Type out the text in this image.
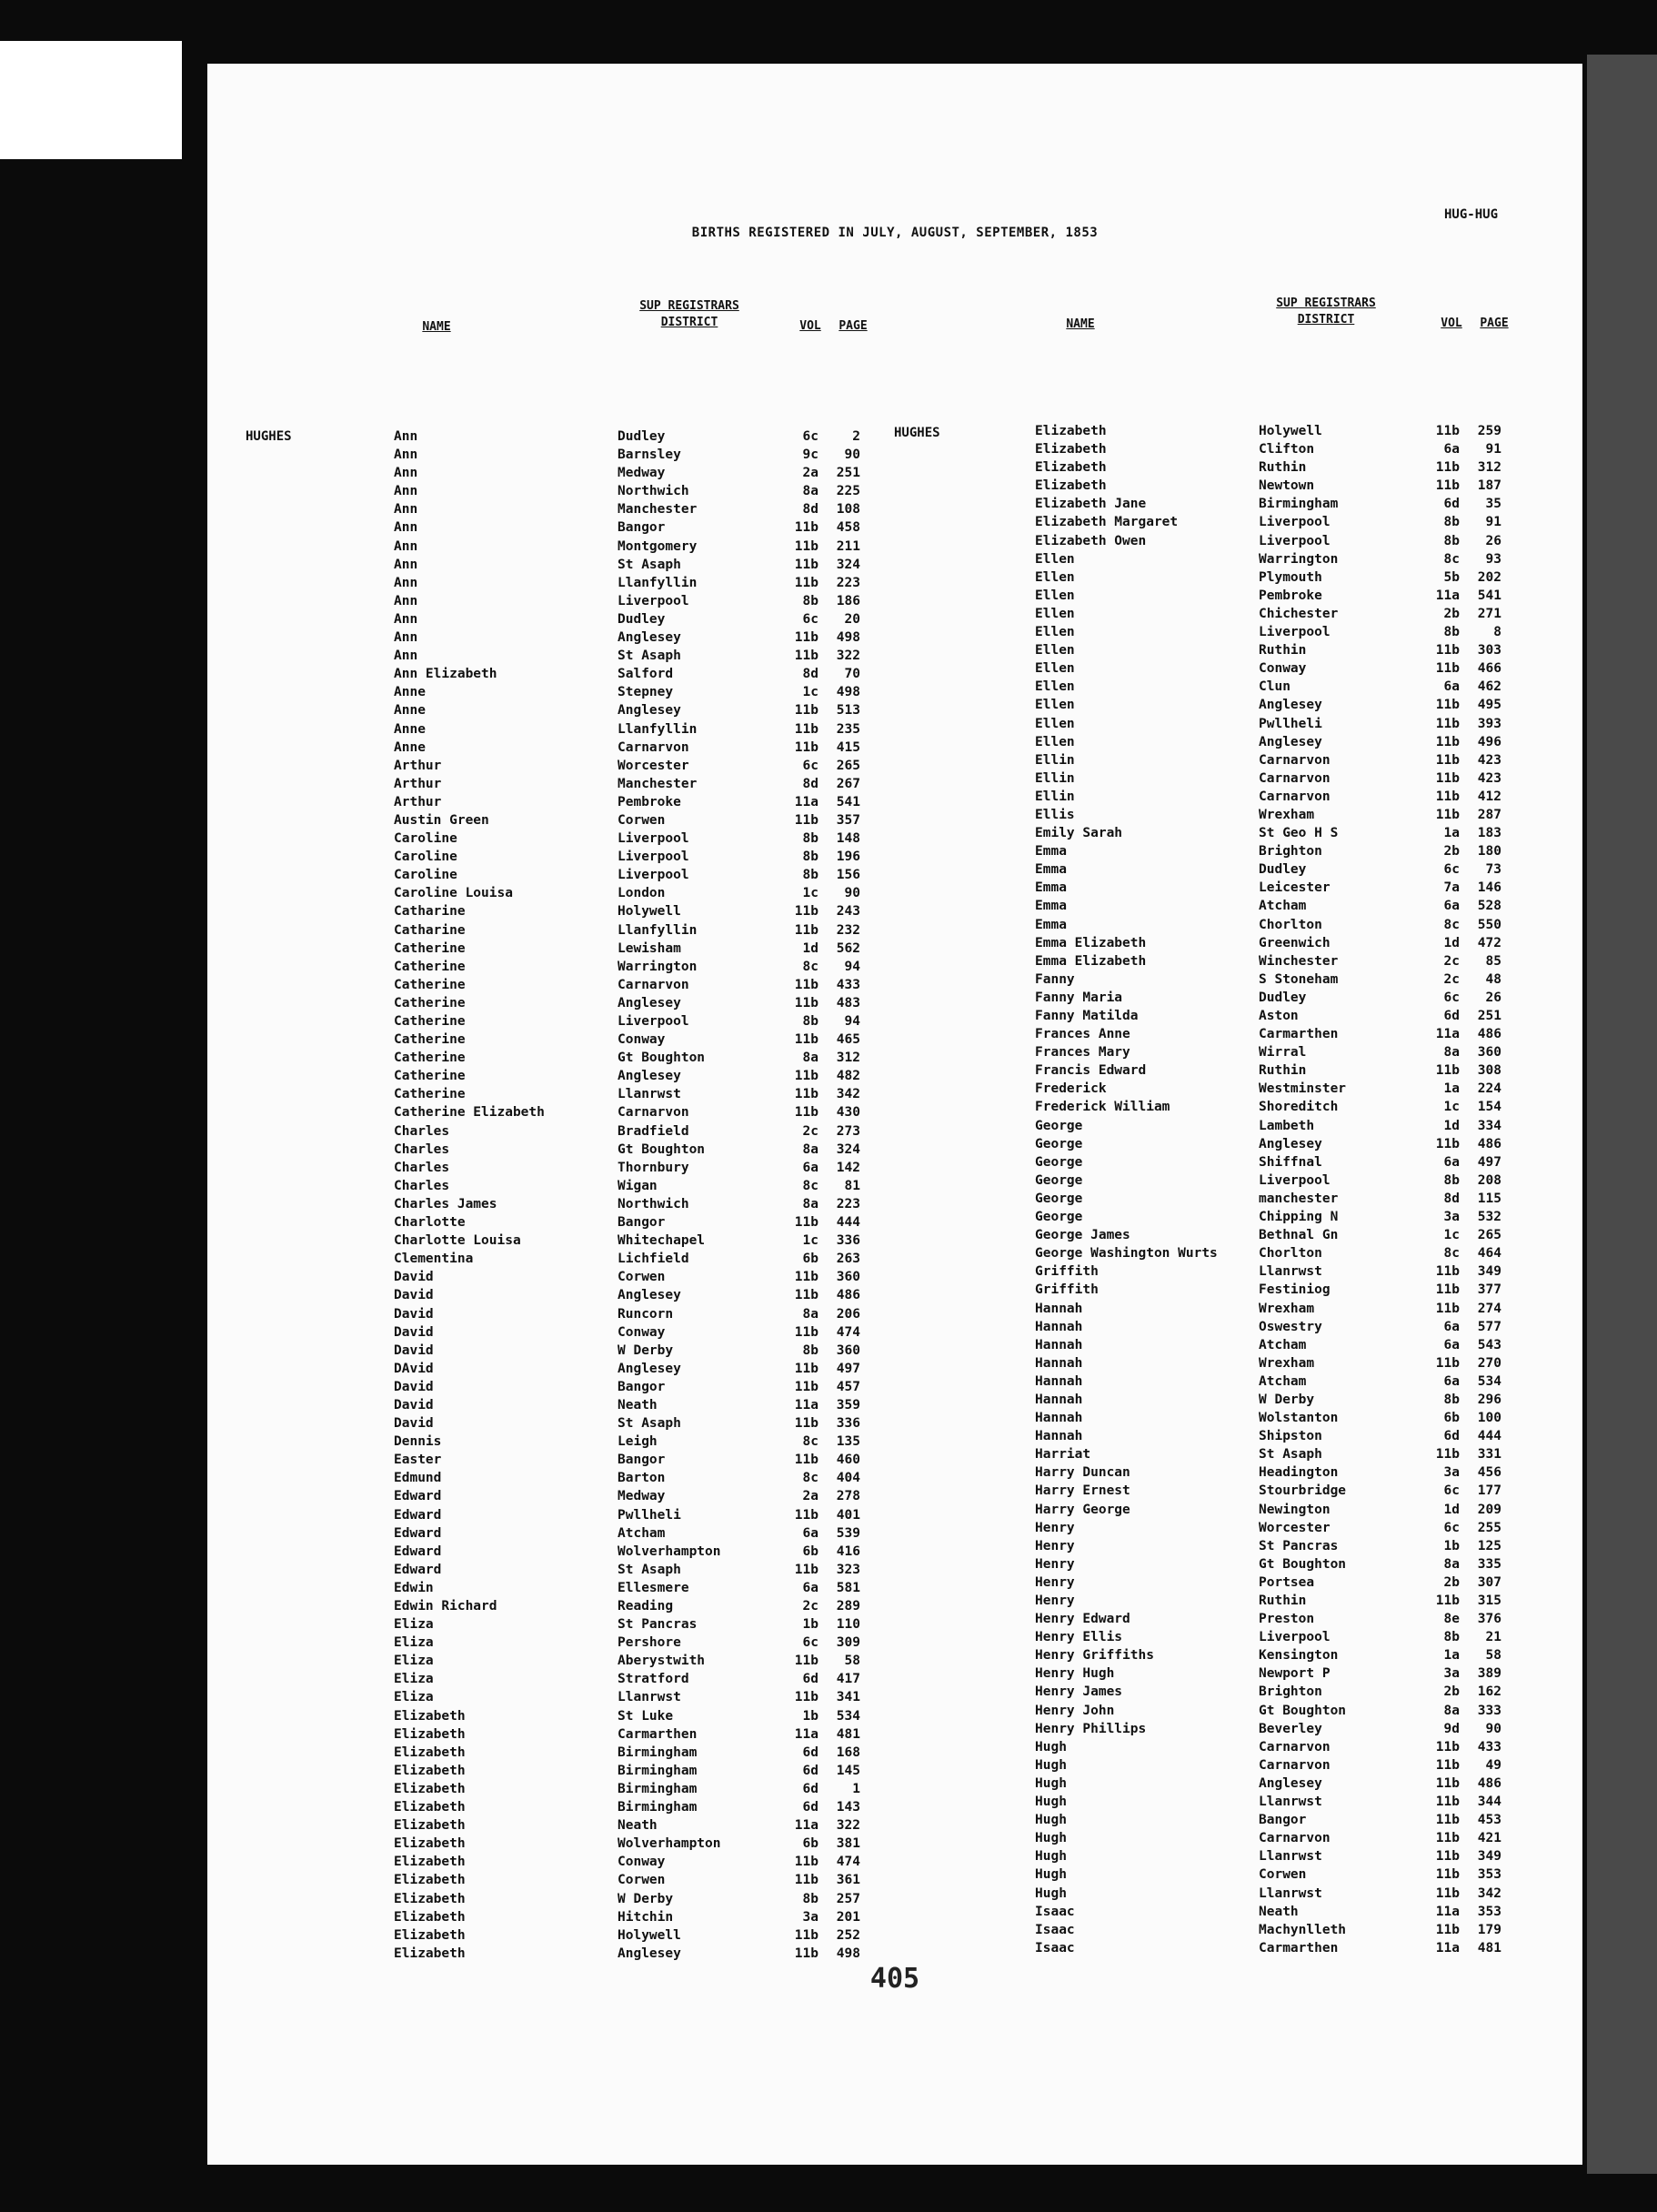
HUG-HUG
BIRTHS REGISTERED IN JULY, AUGUST, SEPTEMBER, 1853
NAME
SUP REGISTRARS
DISTRICT	VOL	PAGE	NAME
SUP REGISTRARS
DISTRICT	VOL	PAGE
HUGHES	HUGHES
Ann	Dudley	6c	2
Ann	Barnsley	9c	90
Ann	Medway	2a	251
Ann	Northwich	8a	225
Ann	Manchester	8d	108
Ann	Bangor	11b	458
Ann	Montgomery	11b	211
Ann	St Asaph	11b	324
Ann	Llanfyllin	11b	223
Ann	Liverpool	8b	186
Ann	Dudley	6c	20
Ann	Anglesey	11b	498
Ann	St Asaph	11b	322
Ann Elizabeth	Salford	8d	70
Anne	Stepney	1c	498
Anne	Anglesey	11b	513
Anne	Llanfyllin	11b	235
Anne	Carnarvon	11b	415
Arthur	Worcester	6c	265
Arthur	Manchester	8d	267
Arthur	Pembroke	11a	541
Austin Green	Corwen	11b	357
Caroline	Liverpool	8b	148
Caroline	Liverpool	8b	196
Caroline	Liverpool	8b	156
Caroline Louisa	London	1c	90
Catharine	Holywell	11b	243
Catharine	Llanfyllin	11b	232
Catherine	Lewisham	1d	562
Catherine	Warrington	8c	94
Catherine	Carnarvon	11b	433
Catherine	Anglesey	11b	483
Catherine	Liverpool	8b	94
Catherine	Conway	11b	465
Catherine	Gt Boughton	8a	312
Catherine	Anglesey	11b	482
Catherine	Llanrwst	11b	342
Catherine Elizabeth	Carnarvon	11b	430
Charles	Bradfield	2c	273
Charles	Gt Boughton	8a	324
Charles	Thornbury	6a	142
Charles	Wigan	8c	81
Charles James	Northwich	8a	223
Charlotte	Bangor	11b	444
Charlotte Louisa	Whitechapel	1c	336
Clementina	Lichfield	6b	263
David	Corwen	11b	360
David	Anglesey	11b	486
David	Runcorn	8a	206
David	Conway	11b	474
David	W Derby	8b	360
DAvid	Anglesey	11b	497
David	Bangor	11b	457
David	Neath	11a	359
David	St Asaph	11b	336
Dennis	Leigh	8c	135
Easter	Bangor	11b	460
Edmund	Barton	8c	404
Edward	Medway	2a	278
Edward	Pwllheli	11b	401
Edward	Atcham	6a	539
Edward	Wolverhampton	6b	416
Edward	St Asaph	11b	323
Edwin	Ellesmere	6a	581
Edwin Richard	Reading	2c	289
Eliza	St Pancras	1b	110
Eliza	Pershore	6c	309
Eliza	Aberystwith	11b	58
Eliza	Stratford	6d	417
Eliza	Llanrwst	11b	341
Elizabeth	St Luke	1b	534
Elizabeth	Carmarthen	11a	481
Elizabeth	Birmingham	6d	168
Elizabeth	Birmingham	6d	145
Elizabeth	Birmingham	6d	1
Elizabeth	Birmingham	6d	143
Elizabeth	Neath	11a	322
Elizabeth	Wolverhampton	6b	381
Elizabeth	Conway	11b	474
Elizabeth	Corwen	11b	361
Elizabeth	W Derby	8b	257
Elizabeth	Hitchin	3a	201
Elizabeth	Holywell	11b	252
Elizabeth	Anglesey	11b	498
Elizabeth	Holywell	11b	259
Elizabeth	Clifton	6a	91
Elizabeth	Ruthin	11b	312
Elizabeth	Newtown	11b	187
Elizabeth Jane	Birmingham	6d	35
Elizabeth Margaret	Liverpool	8b	91
Elizabeth Owen	Liverpool	8b	26
Ellen	Warrington	8c	93
Ellen	Plymouth	5b	202
Ellen	Pembroke	11a	541
Ellen	Chichester	2b	271
Ellen	Liverpool	8b	8
Ellen	Ruthin	11b	303
Ellen	Conway	11b	466
Ellen	Clun	6a	462
Ellen	Anglesey	11b	495
Ellen	Pwllheli	11b	393
Ellen	Anglesey	11b	496
Ellin	Carnarvon	11b	423
Ellin	Carnarvon	11b	423
Ellin	Carnarvon	11b	412
Ellis	Wrexham	11b	287
Emily Sarah	St Geo H S	1a	183
Emma	Brighton	2b	180
Emma	Dudley	6c	73
Emma	Leicester	7a	146
Emma	Atcham	6a	528
Emma	Chorlton	8c	550
Emma Elizabeth	Greenwich	1d	472
Emma Elizabeth	Winchester	2c	85
Fanny	S Stoneham	2c	48
Fanny Maria	Dudley	6c	26
Fanny Matilda	Aston	6d	251
Frances Anne	Carmarthen	11a	486
Frances Mary	Wirral	8a	360
Francis Edward	Ruthin	11b	308
Frederick	Westminster	1a	224
Frederick William	Shoreditch	1c	154
George	Lambeth	1d	334
George	Anglesey	11b	486
George	Shiffnal	6a	497
George	Liverpool	8b	208
George	manchester	8d	115
George	Chipping N	3a	532
George James	Bethnal Gn	1c	265
George Washington Wurts	Chorlton	8c	464
Griffith	Llanrwst	11b	349
Griffith	Festiniog	11b	377
Hannah	Wrexham	11b	274
Hannah	Oswestry	6a	577
Hannah	Atcham	6a	543
Hannah	Wrexham	11b	270
Hannah	Atcham	6a	534
Hannah	W Derby	8b	296
Hannah	Wolstanton	6b	100
Hannah	Shipston	6d	444
Harriat	St Asaph	11b	331
Harry Duncan	Headington	3a	456
Harry Ernest	Stourbridge	6c	177
Harry George	Newington	1d	209
Henry	Worcester	6c	255
Henry	St Pancras	1b	125
Henry	Gt Boughton	8a	335
Henry	Portsea	2b	307
Henry	Ruthin	11b	315
Henry Edward	Preston	8e	376
Henry Ellis	Liverpool	8b	21
Henry Griffiths	Kensington	1a	58
Henry Hugh	Newport P	3a	389
Henry James	Brighton	2b	162
Henry John	Gt Boughton	8a	333
Henry Phillips	Beverley	9d	90
Hugh	Carnarvon	11b	433
Hugh	Carnarvon	11b	49
Hugh	Anglesey	11b	486
Hugh	Llanrwst	11b	344
Hugh	Bangor	11b	453
Hugh	Carnarvon	11b	421
Hugh	Llanrwst	11b	349
Hugh	Corwen	11b	353
Hugh	Llanrwst	11b	342
Isaac	Neath	11a	353
Isaac	Machynlleth	11b	179
Isaac	Carmarthen	11a	481
405
